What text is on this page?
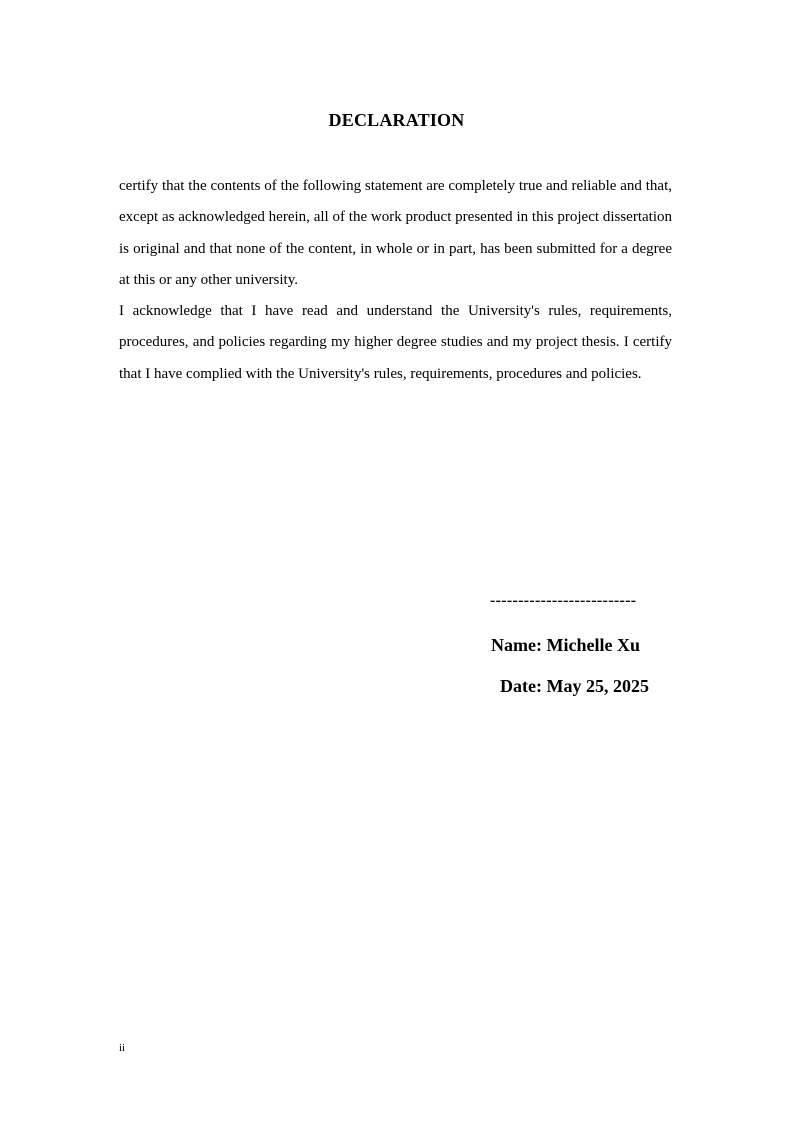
DECLARATION

certify that the contents of the following statement are completely true and reliable and that, except as acknowledged herein, all of the work product presented in this project dissertation is original and that none of the content, in whole or in part, has been submitted for a degree at this or any other university.

I acknowledge that I have read and understand the University's rules, requirements, procedures, and policies regarding my higher degree studies and my project thesis. I certify that I have complied with the University's rules, requirements, procedures and policies.

--------------------------
Name: Michelle Xu
Date: May 25, 2025
ii
